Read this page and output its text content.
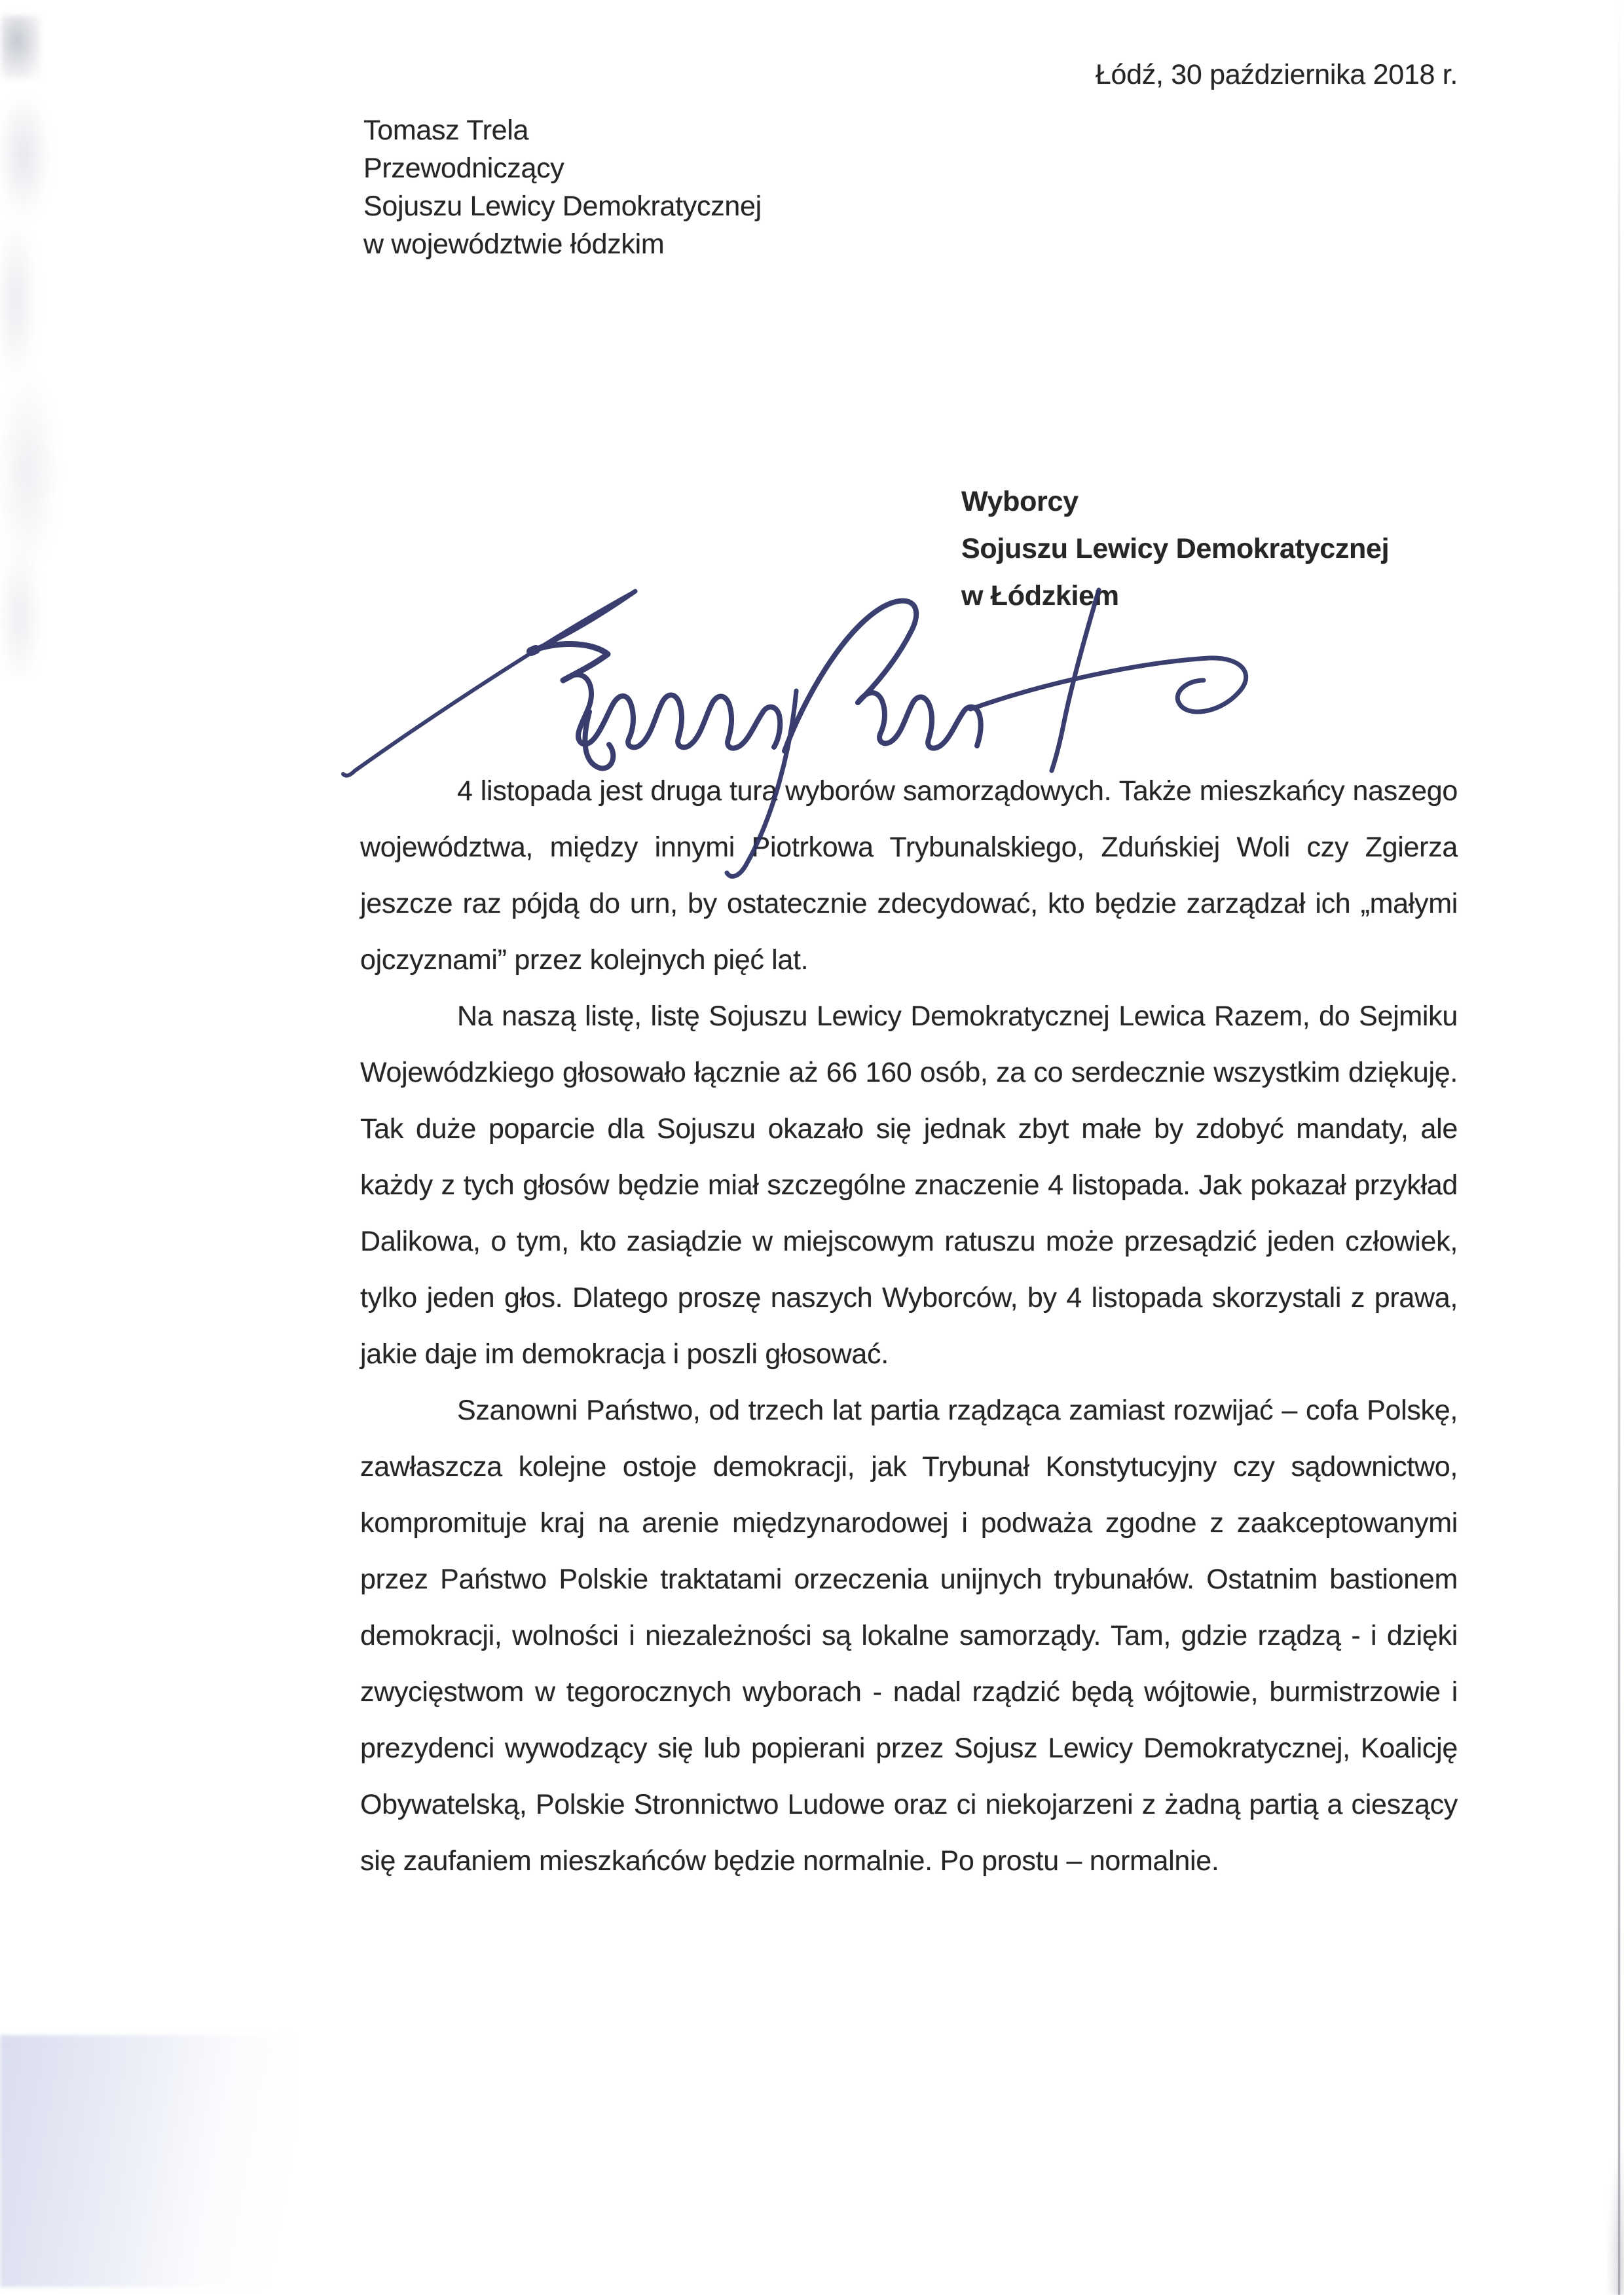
Łódź, 30 października 2018 r.
Tomasz Trela
Przewodniczący
Sojuszu Lewicy Demokratycznej
w województwie łódzkim
Wyborcy
Sojuszu Lewicy Demokratycznej
w Łódzkiem

4 listopada jest druga tura wyborów samorządowych. Także mieszkańcy naszego województwa, między innymi Piotrkowa Trybunalskiego, Zduńskiej Woli czy Zgierza jeszcze raz pójdą do urn, by ostatecznie zdecydować, kto będzie zarządzał ich „małymi ojczyznami” przez kolejnych pięć lat.

Na naszą listę, listę Sojuszu Lewicy Demokratycznej Lewica Razem, do Sejmiku Wojewódzkiego głosowało łącznie aż 66 160 osób, za co serdecznie wszystkim dziękuję. Tak duże poparcie dla Sojuszu okazało się jednak zbyt małe by zdobyć mandaty, ale każdy z tych głosów będzie miał szczególne znaczenie 4 listopada. Jak pokazał przykład Dalikowa, o tym, kto zasiądzie w miejscowym ratuszu może przesądzić jeden człowiek, tylko jeden głos. Dlatego proszę naszych Wyborców, by 4 listopada skorzystali z prawa, jakie daje im demokracja i poszli głosować.

Szanowni Państwo, od trzech lat partia rządząca zamiast rozwijać – cofa Polskę, zawłaszcza kolejne ostoje demokracji, jak Trybunał Konstytucyjny czy sądownictwo, kompromituje kraj na arenie międzynarodowej i podważa zgodne z zaakceptowanymi przez Państwo Polskie traktatami orzeczenia unijnych trybunałów. Ostatnim bastionem demokracji, wolności i niezależności są lokalne samorządy. Tam, gdzie rządzą - i dzięki zwycięstwom w tegorocznych wyborach - nadal rządzić będą wójtowie, burmistrzowie i prezydenci wywodzący się lub popierani przez Sojusz Lewicy Demokratycznej, Koalicję Obywatelską, Polskie Stronnictwo Ludowe oraz ci niekojarzeni z żadną partią a cieszący się zaufaniem mieszkańców będzie normalnie. Po prostu – normalnie.
